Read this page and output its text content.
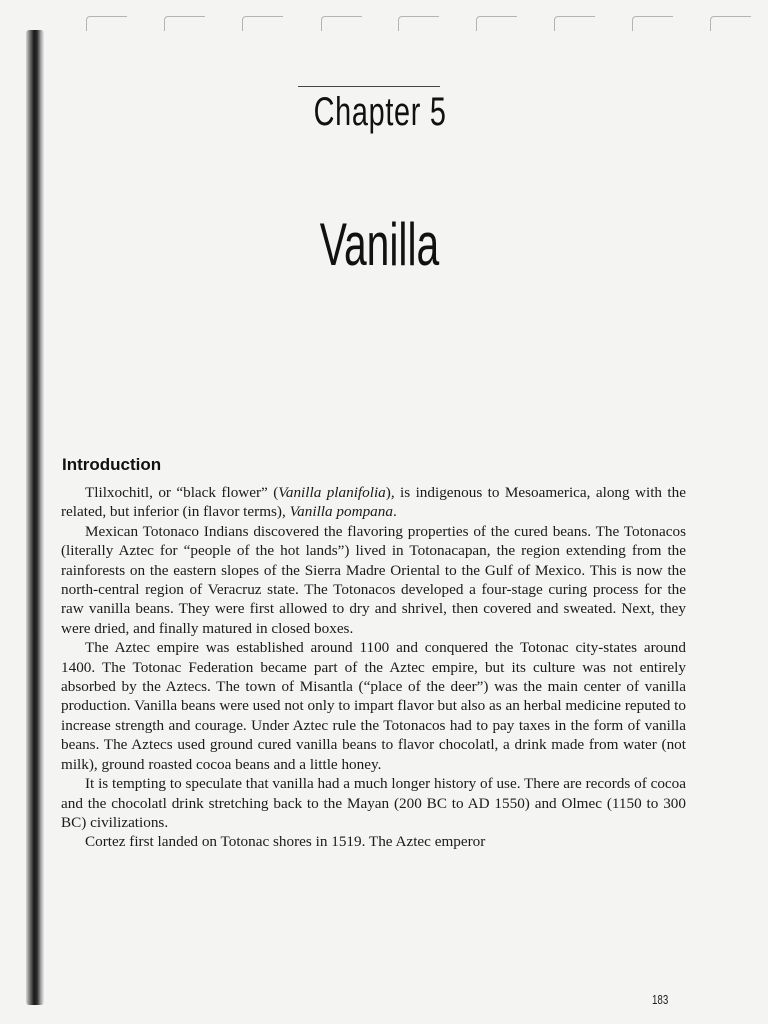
Chapter 5
Vanilla
Introduction

Tlilxochitl, or “black flower” (Vanilla planifolia), is indigenous to Mesoamerica, along with the related, but inferior (in flavor terms), Vanilla pompana.

Mexican Totonaco Indians discovered the flavoring properties of the cured beans. The Totonacos (literally Aztec for “people of the hot lands”) lived in Totonacapan, the region extending from the rainforests on the eastern slopes of the Sierra Madre Oriental to the Gulf of Mexico. This is now the north-central region of Veracruz state. The Totonacos developed a four-stage curing process for the raw vanilla beans. They were first allowed to dry and shrivel, then covered and sweated. Next, they were dried, and finally matured in closed boxes.

The Aztec empire was established around 1100 and conquered the Totonac city-states around 1400. The Totonac Federation became part of the Aztec empire, but its culture was not entirely absorbed by the Aztecs. The town of Misantla (“place of the deer”) was the main center of vanilla production. Vanilla beans were used not only to impart flavor but also as an herbal medicine reputed to increase strength and courage. Under Aztec rule the Totonacos had to pay taxes in the form of vanilla beans. The Aztecs used ground cured vanilla beans to flavor chocolatl, a drink made from water (not milk), ground roasted cocoa beans and a little honey.

It is tempting to speculate that vanilla had a much longer history of use. There are records of cocoa and the chocolatl drink stretching back to the Mayan (200 BC to AD 1550) and Olmec (1150 to 300 BC) civilizations.

Cortez first landed on Totonac shores in 1519. The Aztec emperor

183
